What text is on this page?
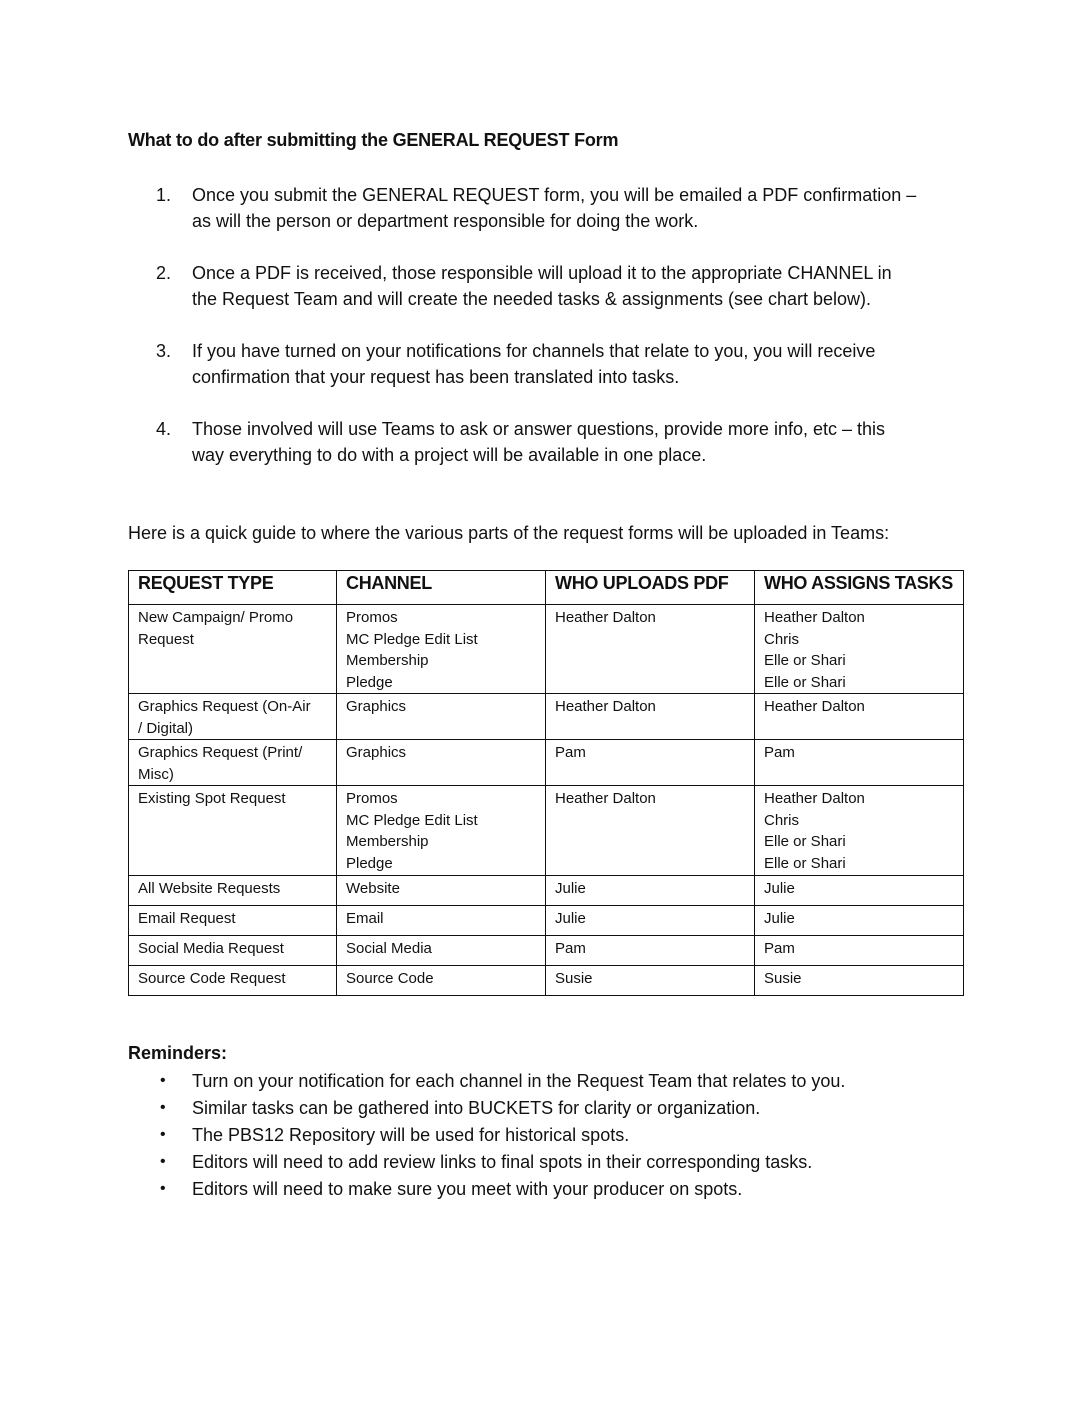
What to do after submitting the GENERAL REQUEST Form
1. Once you submit the GENERAL REQUEST form, you will be emailed a PDF confirmation –
as will the person or department responsible for doing the work.
2. Once a PDF is received, those responsible will upload it to the appropriate CHANNEL in
the Request Team and will create the needed tasks & assignments (see chart below).
3. If you have turned on your notifications for channels that relate to you, you will receive
confirmation that your request has been translated into tasks.
4. Those involved will use Teams to ask or answer questions, provide more info, etc – this
way everything to do with a project will be available in one place.

Here is a quick guide to where the various parts of the request forms will be uploaded in Teams:

REQUEST TYPE	CHANNEL	WHO UPLOADS PDF	WHO ASSIGNS TASKS

New Campaign/ Promo
Request	Promos
MC Pledge Edit List
Membership
Pledge	Heather Dalton	Heather Dalton
Chris
Elle or Shari
Elle or Shari

Graphics Request (On-Air
/ Digital)	Graphics	Heather Dalton	Heather Dalton

Graphics Request (Print/
Misc)	Graphics	Pam	Pam

Existing Spot Request	Promos
MC Pledge Edit List
Membership
Pledge	Heather Dalton	Heather Dalton
Chris
Elle or Shari
Elle or Shari

All Website Requests	Website	Julie	Julie

Email Request	Email	Julie	Julie

Social Media Request	Social Media	Pam	Pam

Source Code Request	Source Code	Susie	Susie
Reminders:
• Turn on your notification for each channel in the Request Team that relates to you.
• Similar tasks can be gathered into BUCKETS for clarity or organization.
• The PBS12 Repository will be used for historical spots.
• Editors will need to add review links to final spots in their corresponding tasks.
• Editors will need to make sure you meet with your producer on spots.
